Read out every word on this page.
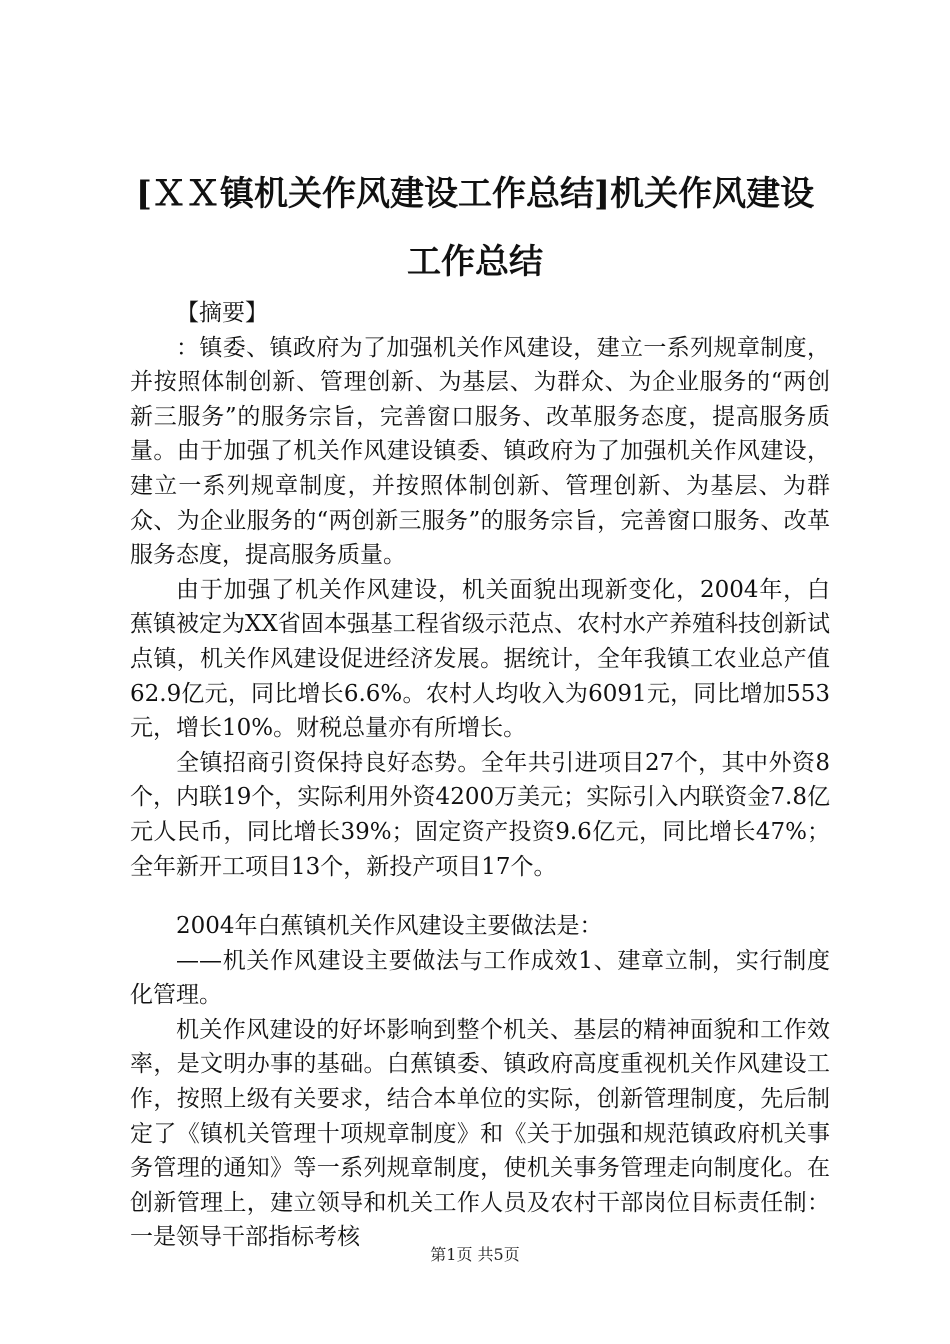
[ＸＸ镇机关作风建设工作总结]机关作风建设
工作总结

【摘要】

：镇委、镇政府为了加强机关作风建设，建立一系列规章制度，并按照体制创新、管理创新、为基层、为群众、为企业服务的“两创新三服务”的服务宗旨，完善窗口服务、改革服务态度，提高服务质量。由于加强了机关作风建设镇委、镇政府为了加强机关作风建设，建立一系列规章制度，并按照体制创新、管理创新、为基层、为群众、为企业服务的“两创新三服务”的服务宗旨，完善窗口服务、改革服务态度，提高服务质量。

由于加强了机关作风建设，机关面貌出现新变化，2004年，白蕉镇被定为XX省固本强基工程省级示范点、农村水产养殖科技创新试点镇，机关作风建设促进经济发展。据统计，全年我镇工农业总产值62.9亿元，同比增长6.6%。农村人均收入为6091元，同比增加553元，增长10%。财税总量亦有所增长。

全镇招商引资保持良好态势。全年共引进项目27个，其中外资8个，内联19个，实际利用外资4200万美元；实际引入内联资金7.8亿元人民币，同比增长39%；固定资产投资9.6亿元，同比增长47%；全年新开工项目13个，新投产项目17个。

2004年白蕉镇机关作风建设主要做法是：

——机关作风建设主要做法与工作成效1、建章立制，实行制度化管理。

机关作风建设的好坏影响到整个机关、基层的精神面貌和工作效率，是文明办事的基础。白蕉镇委、镇政府高度重视机关作风建设工作，按照上级有关要求，结合本单位的实际，创新管理制度，先后制定了《镇机关管理十项规章制度》和《关于加强和规范镇政府机关事务管理的通知》等一系列规章制度，使机关事务管理走向制度化。在创新管理上，建立领导和机关工作人员及农村干部岗位目标责任制：一是领导干部指标考核

第1页 共5页
